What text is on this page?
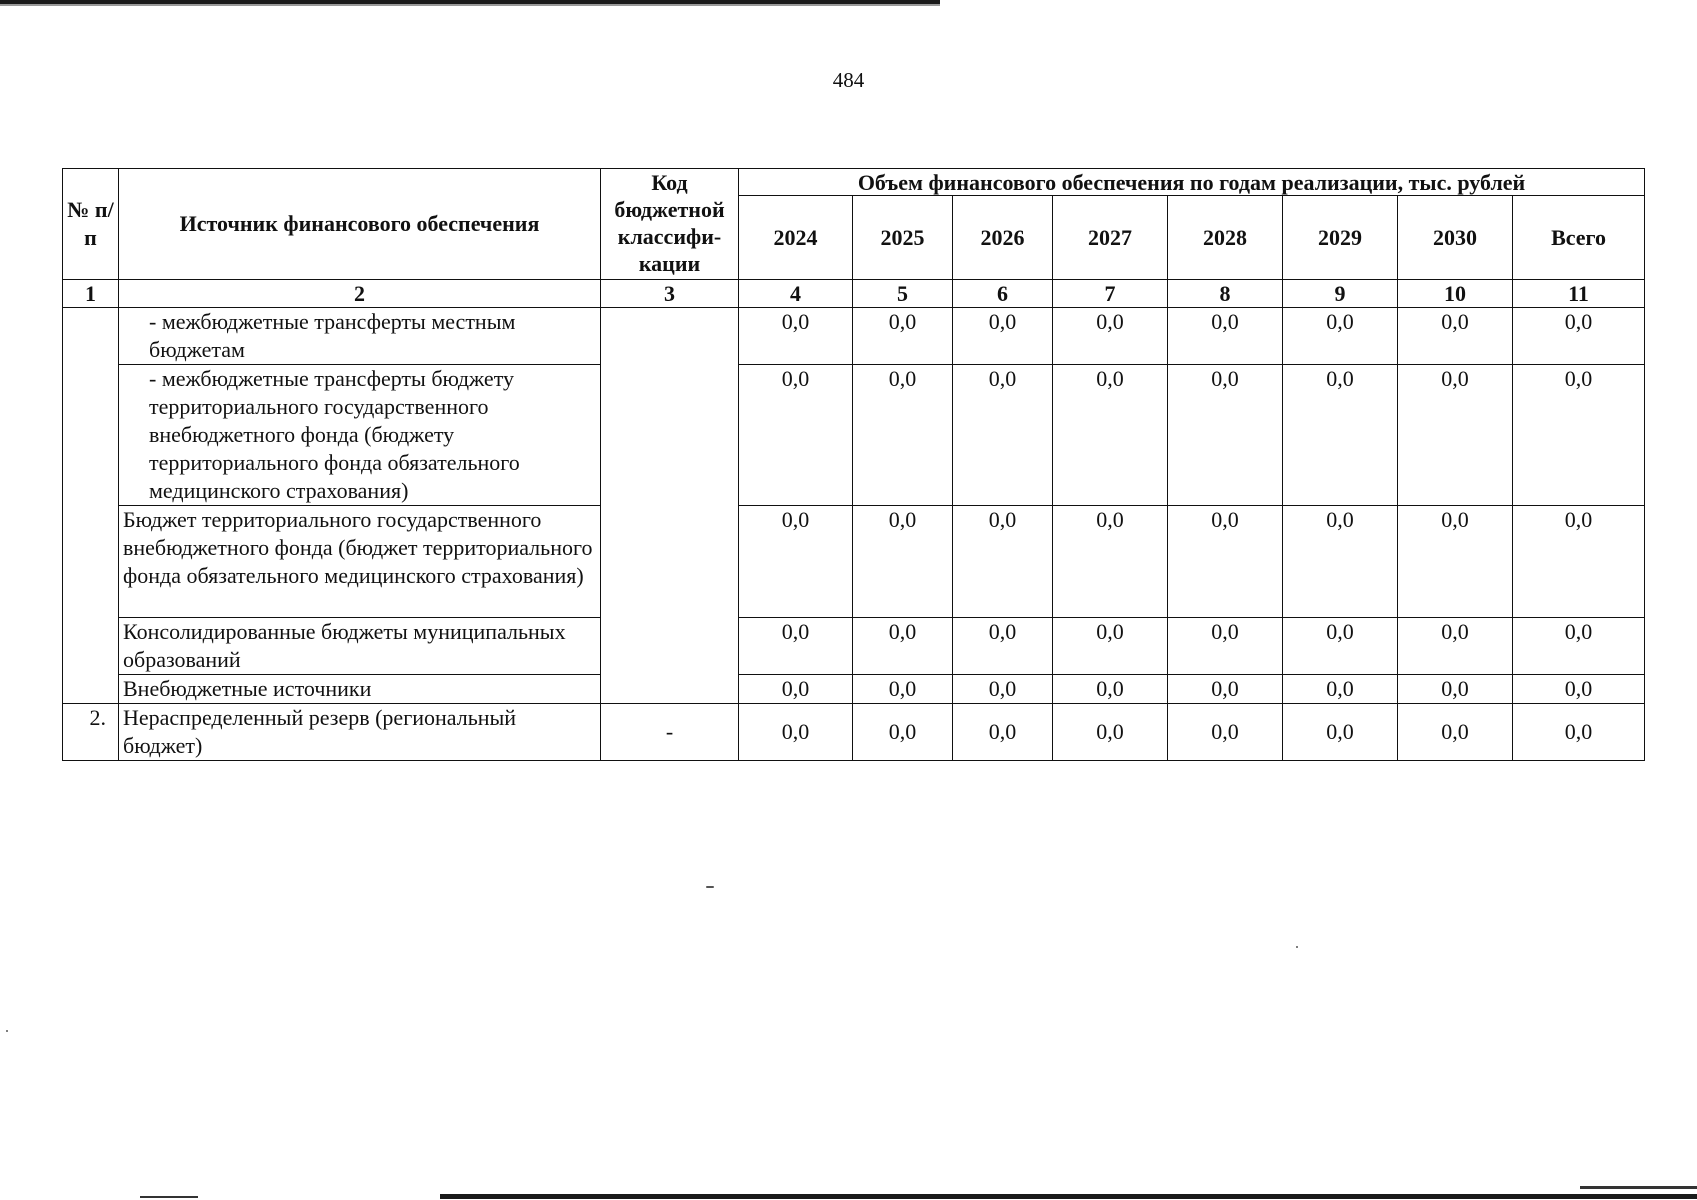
484
№ п/п	Источник финансового обеспечения	Код бюджетной классифи-кации	Объем финансового обеспечения по годам реализации, тыс. рублей							
			2024	2025	2026	2027	2028	2029	2030	Всего
1	2	3	4	5	6	7	8	9	10	11
	- межбюджетные трансферты местным бюджетам		0,0	0,0	0,0	0,0	0,0	0,0	0,0	0,0
	- межбюджетные трансферты бюджету территориального государственного внебюджетного фонда (бюджету территориального фонда обязательного медицинского страхования)		0,0	0,0	0,0	0,0	0,0	0,0	0,0	0,0
	Бюджет территориального государственного внебюджетного фонда (бюджет территориального фонда обязательного медицинского страхования)		0,0	0,0	0,0	0,0	0,0	0,0	0,0	0,0
	Консолидированные бюджеты муниципальных образований		0,0	0,0	0,0	0,0	0,0	0,0	0,0	0,0
	Внебюджетные источники		0,0	0,0	0,0	0,0	0,0	0,0	0,0	0,0
2.	Нераспределенный резерв (региональный бюджет)	-	0,0	0,0	0,0	0,0	0,0	0,0	0,0	0,0
